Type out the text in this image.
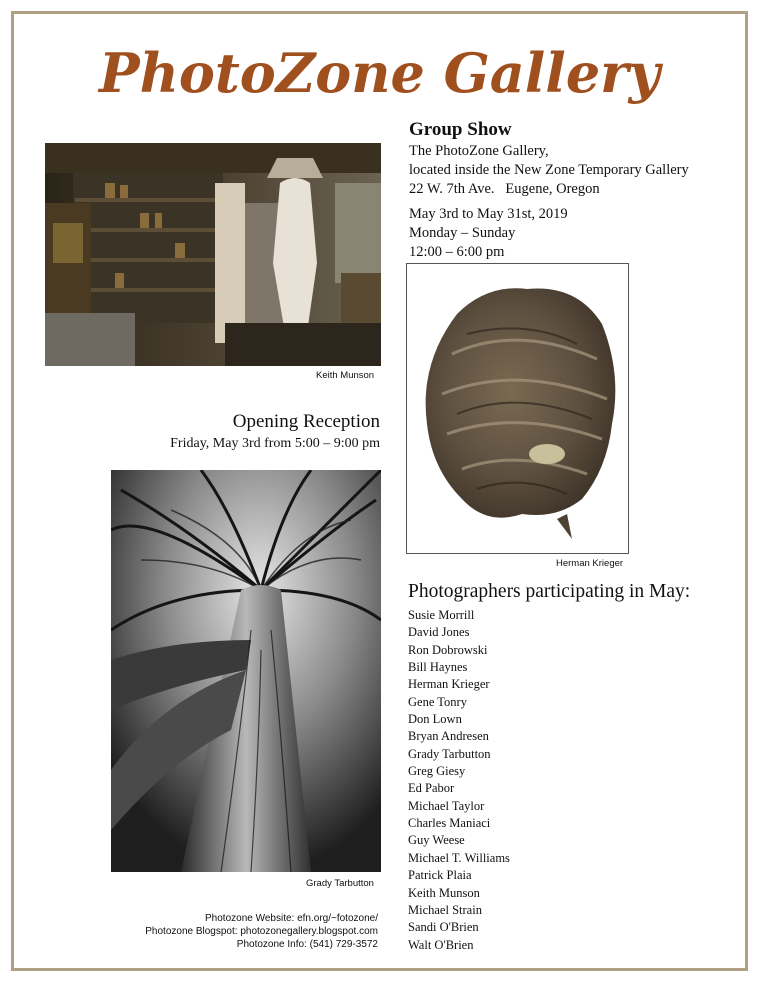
PhotoZone Gallery
Group Show
The PhotoZone Gallery,
located inside the New Zone Temporary Gallery
22 W. 7th Ave.   Eugene, Oregon
May 3rd to May 31st, 2019
Monday – Sunday
12:00 – 6:00 pm
Keith Munson
Herman Krieger
Opening Reception
Friday, May 3rd from 5:00 – 9:00 pm
Grady Tarbutton
Photographers participating in May:
Susie Morrill
David Jones
Ron Dobrowski
Bill Haynes
Herman Krieger
Gene Tonry
Don Lown
Bryan Andresen
Grady Tarbutton
Greg Giesy
Ed Pabor
Michael Taylor
Charles Maniaci
Guy Weese
Michael T. Williams
Patrick Plaia
Keith Munson
Michael Strain
Sandi O'Brien
Walt O'Brien
Photozone Website: efn.org/~fotozone/
Photozone Blogspot: photozonegallery.blogspot.com
Photozone Info: (541) 729-3572
